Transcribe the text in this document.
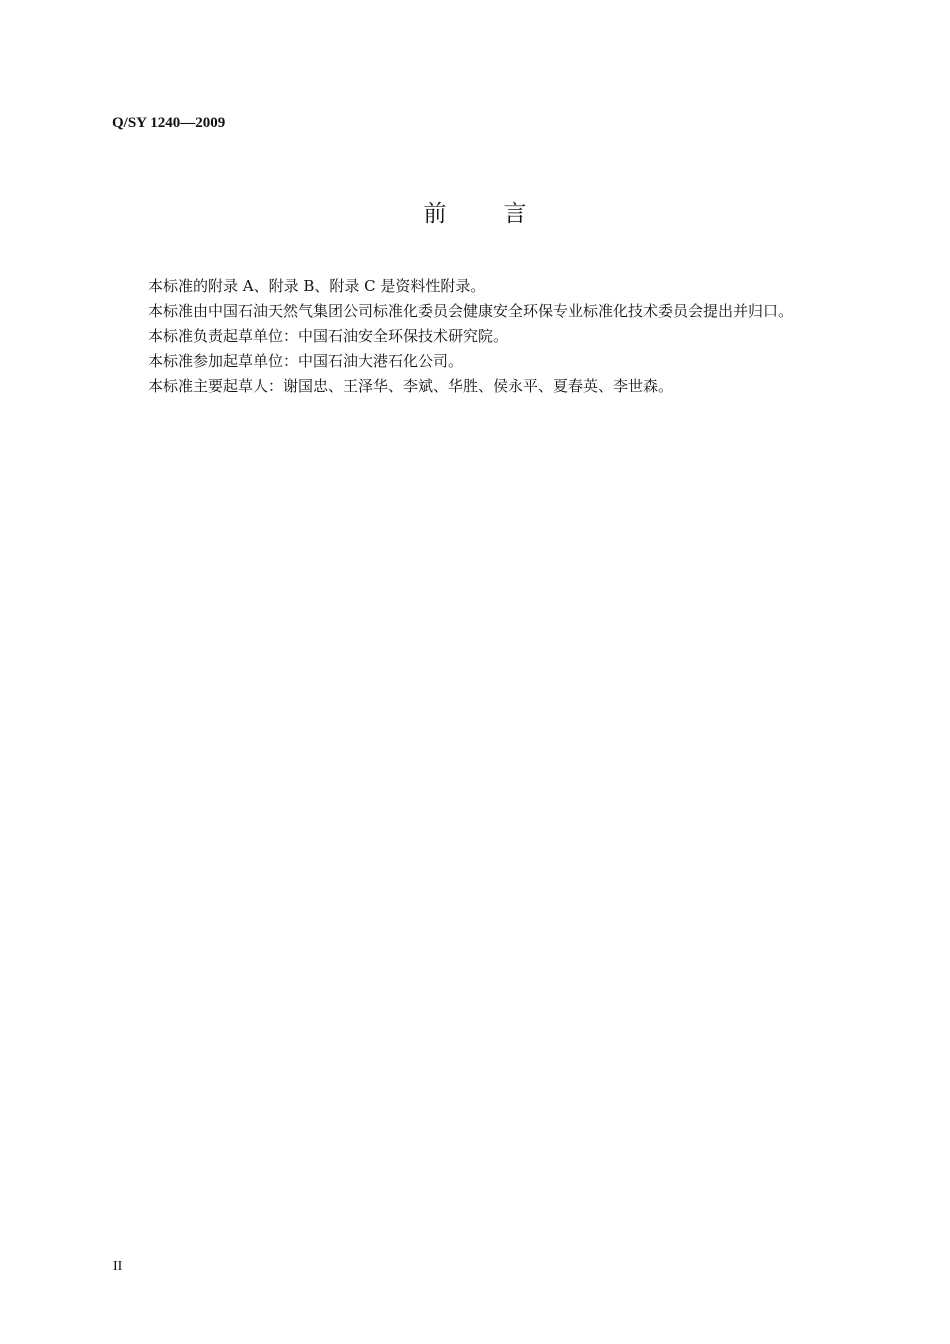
Q/SY 1240—2009
前 言

本标准的附录 A、附录 B、附录 C 是资料性附录。

本标准由中国石油天然气集团公司标准化委员会健康安全环保专业标准化技术委员会提出并归口。

本标准负责起草单位：中国石油安全环保技术研究院。

本标准参加起草单位：中国石油大港石化公司。

本标准主要起草人：谢国忠、王泽华、李斌、华胜、侯永平、夏春英、李世森。

II
